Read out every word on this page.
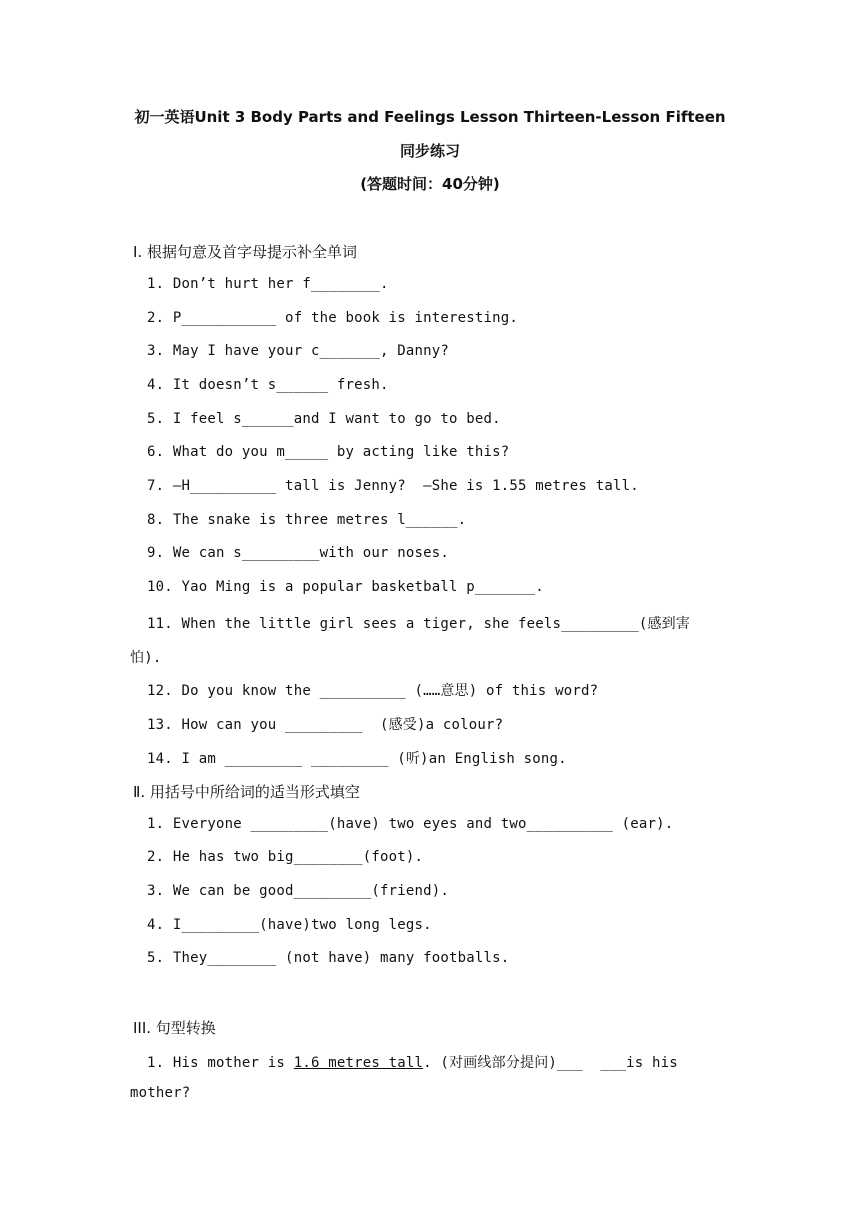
初一英语Unit 3 Body Parts and Feelings Lesson Thirteen-Lesson Fifteen
同步练习
(答题时间：40分钟)
Ⅰ. 根据句意及首字母提示补全单词
1. Don’t hurt her f________.
2. P___________ of the book is interesting.
3. May I have your c_______, Danny?
4. It doesn’t s______ fresh.
5. I feel s______and I want to go to bed.
6. What do you m_____ by acting like this?
7. —H__________ tall is Jenny?  —She is 1.55 metres tall.
8. The snake is three metres l______.
9. We can s_________with our noses.
10. Yao Ming is a popular basketball p_______.
11. When the little girl sees a tiger, she feels_________(感到害
怕).
12. Do you know the __________ (……意思) of this word?
13. How can you _________  (感受)a colour?
14. I am _________ _________ (听)an English song.
Ⅱ. 用括号中所给词的适当形式填空
1. Everyone _________(have) two eyes and two__________ (ear).
2. He has two big________(foot).
3. We can be good_________(friend).
4. I_________(have)two long legs.
5. They________ (not have) many footballs.
III. 句型转换
1. His mother is 1.6 metres tall. (对画线部分提问)___  ___is his
mother?
